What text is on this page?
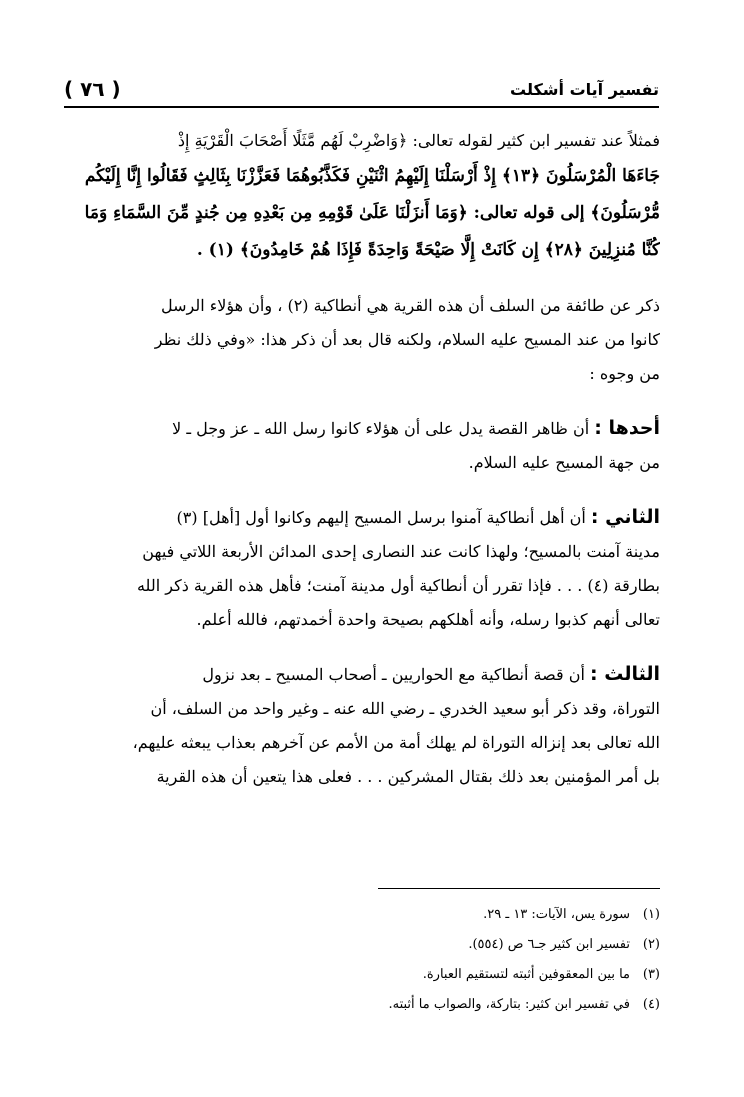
تفسير آيات أشكلت
( ٧٦ )
فمثلاً عند تفسير ابن كثير لقوله تعالى: ﴿وَاضْرِبْ لَهُم مَّثَلًا أَصْحَابَ الْقَرْيَةِ إِذْ
جَاءَهَا الْمُرْسَلُونَ ﴿١٣﴾ إِذْ أَرْسَلْنَا إِلَيْهِمُ اثْنَيْنِ فَكَذَّبُوهُمَا فَعَزَّزْنَا بِثَالِثٍ فَقَالُوا إِنَّا إِلَيْكُم
مُّرْسَلُونَ﴾ إلى قوله تعالى: ﴿وَمَا أَنزَلْنَا عَلَىٰ قَوْمِهِ مِن بَعْدِهِ مِن جُندٍ مِّنَ السَّمَاءِ وَمَا
كُنَّا مُنزِلِينَ ﴿٢٨﴾ إِن كَانَتْ إِلَّا صَيْحَةً وَاحِدَةً فَإِذَا هُمْ خَامِدُونَ﴾ (١) .
ذكر عن طائفة من السلف أن هذه القرية هي أنطاكية (٢) ، وأن هؤلاء الرسل
كانوا من عند المسيح عليه السلام، ولكنه قال بعد أن ذكر هذا: «وفي ذلك نظر
من وجوه :
أحدها : أن ظاهر القصة يدل على أن هؤلاء كانوا رسل الله ـ عز وجل ـ لا
من جهة المسيح عليه السلام.
الثاني : أن أهل أنطاكية آمنوا برسل المسيح إليهم وكانوا أول [أهل] (٣)
مدينة آمنت بالمسيح؛ ولهذا كانت عند النصارى إحدى المدائن الأربعة اللاتي فيهن
بطارقة (٤) . . . فإذا تقرر أن أنطاكية أول مدينة آمنت؛ فأهل هذه القرية ذكر الله
تعالى أنهم كذبوا رسله، وأنه أهلكهم بصيحة واحدة أخمدتهم، فالله أعلم.
الثالث : أن قصة أنطاكية مع الحواريين ـ أصحاب المسيح ـ بعد نزول
التوراة، وقد ذكر أبو سعيد الخدري ـ رضي الله عنه ـ وغير واحد من السلف، أن
الله تعالى بعد إنزاله التوراة لم يهلك أمة من الأمم عن آخرهم بعذاب يبعثه عليهم،
بل أمر المؤمنين بعد ذلك بقتال المشركين . . . فعلى هذا يتعين أن هذه القرية
(١)سورة يس، الآيات: ١٣ ـ ٢٩.
(٢)تفسير ابن كثير جـ٦ ص (٥٥٤).
(٣)ما بين المعقوفين أثبته لتستقيم العبارة.
(٤)في تفسير ابن كثير: بتاركة، والصواب ما أثبته.
